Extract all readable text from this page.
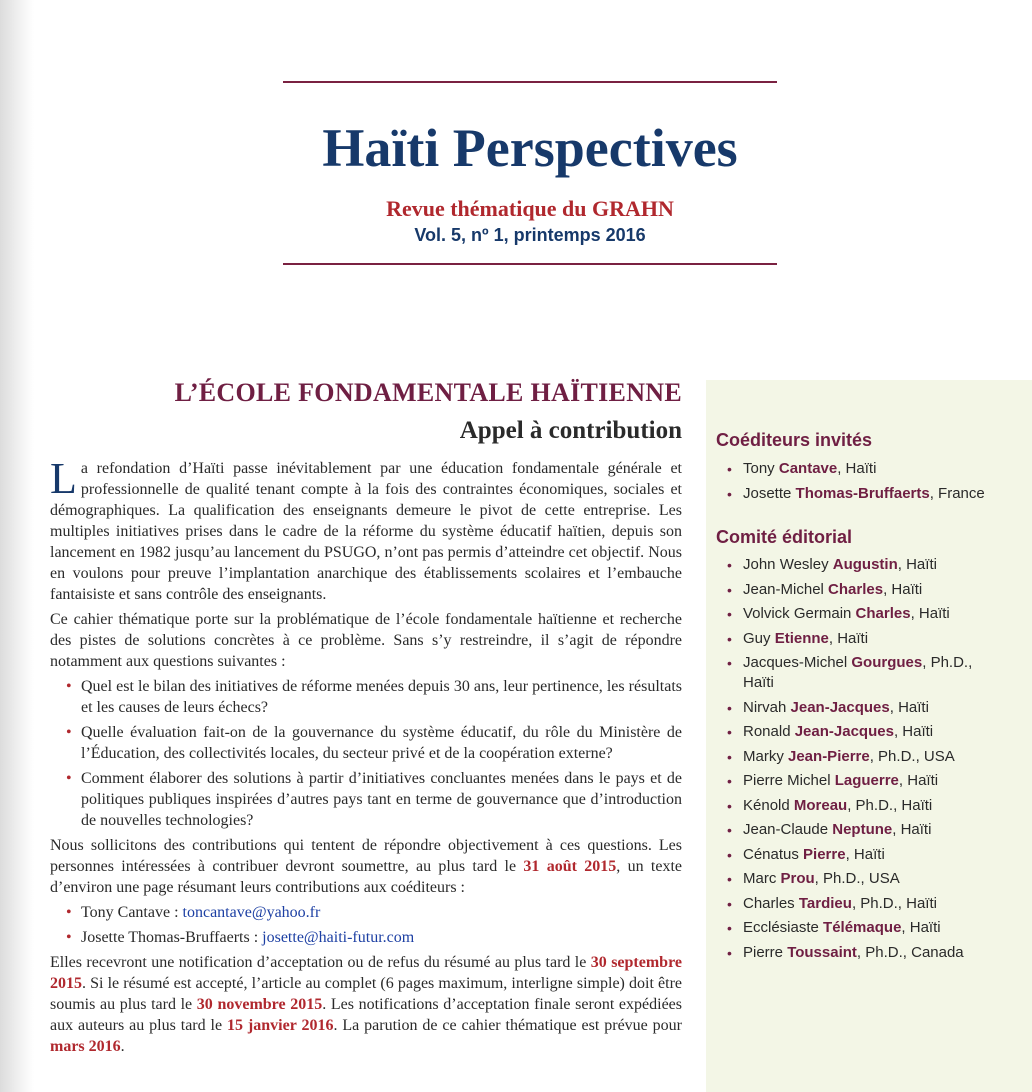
Haïti Perspectives
Revue thématique du GRAHN
Vol. 5, nº 1, printemps 2016
L’ÉCOLE FONDAMENTALE HAÏTIENNE
Appel à contribution

La refondation d’Haïti passe inévitablement par une éducation fondamentale générale et professionnelle de qualité tenant compte à la fois des contraintes économiques, sociales et démographiques. La qualification des enseignants demeure le pivot de cette entreprise. Les multiples initiatives prises dans le cadre de la réforme du système éducatif haïtien, depuis son lancement en 1982 jusqu’au lancement du PSUGO, n’ont pas permis d’atteindre cet objectif. Nous en voulons pour preuve l’implantation anarchique des établissements scolaires et l’embauche fantaisiste et sans contrôle des enseignants.

Ce cahier thématique porte sur la problématique de l’école fondamentale haïtienne et recherche des pistes de solutions concrètes à ce problème. Sans s’y restreindre, il s’agit de répondre notamment aux questions suivantes :

• Quel est le bilan des initiatives de réforme menées depuis 30 ans, leur pertinence, les résultats et les causes de leurs échecs?
• Quelle évaluation fait-on de la gouvernance du système éducatif, du rôle du Ministère de l’Éducation, des collectivités locales, du secteur privé et de la coopération externe?
• Comment élaborer des solutions à partir d’initiatives concluantes menées dans le pays et de politiques publiques inspirées d’autres pays tant en terme de gouvernance que d’introduction de nouvelles technologies?

Nous sollicitons des contributions qui tentent de répondre objectivement à ces questions. Les personnes intéressées à contribuer devront soumettre, au plus tard le 31 août 2015, un texte d’environ une page résumant leurs contributions aux coéditeurs :

• Tony Cantave : toncantave@yahoo.fr
• Josette Thomas-Bruffaerts : josette@haiti-futur.com

Elles recevront une notification d’acceptation ou de refus du résumé au plus tard le 30 septembre 2015. Si le résumé est accepté, l’article au complet (6 pages maximum, interligne simple) doit être soumis au plus tard le 30 novembre 2015. Les notifications d’acceptation finale seront expédiées aux auteurs au plus tard le 15 janvier 2016. La parution de ce cahier thématique est prévue pour mars 2016.

Coéditeurs invités
• Tony Cantave, Haïti
• Josette Thomas-Bruffaerts, France
Comité éditorial
• John Wesley Augustin, Haïti
• Jean-Michel Charles, Haïti
• Volvick Germain Charles, Haïti
• Guy Etienne, Haïti
• Jacques-Michel Gourgues, Ph.D., Haïti
• Nirvah Jean-Jacques, Haïti
• Ronald Jean-Jacques, Haïti
• Marky Jean-Pierre, Ph.D., USA
• Pierre Michel Laguerre, Haïti
• Kénold Moreau, Ph.D., Haïti
• Jean-Claude Neptune, Haïti
• Cénatus Pierre, Haïti
• Marc Prou, Ph.D., USA
• Charles Tardieu, Ph.D., Haïti
• Ecclésiaste Télémaque, Haïti
• Pierre Toussaint, Ph.D., Canada
